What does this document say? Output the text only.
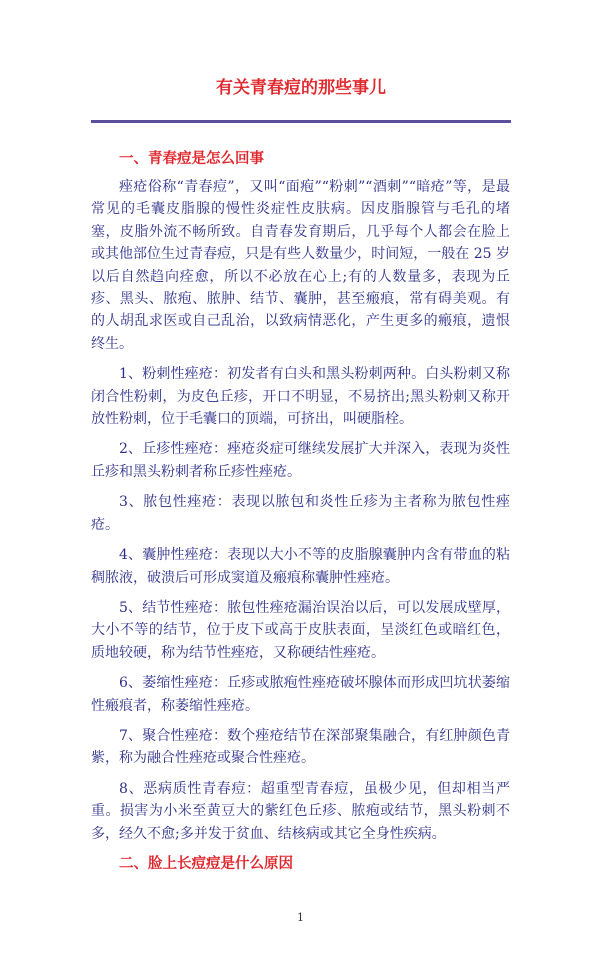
有关青春痘的那些事儿
一、青春痘是怎么回事

痤疮俗称“青春痘”，又叫“面疱”“粉刺”“酒刺”“暗疮”等，是最常见的毛囊皮脂腺的慢性炎症性皮肤病。因皮脂腺管与毛孔的堵塞，皮脂外流不畅所致。自青春发育期后，几乎每个人都会在脸上或其他部位生过青春痘，只是有些人数量少，时间短，一般在 25 岁以后自然趋向痊愈，所以不必放在心上;有的人数量多，表现为丘疹、黑头、脓疱、脓肿、结节、囊肿，甚至瘢痕，常有碍美观。有的人胡乱求医或自己乱治，以致病情恶化，产生更多的瘢痕，遗恨终生。

1、粉刺性痤疮：初发者有白头和黑头粉刺两种。白头粉刺又称闭合性粉刺，为皮色丘疹，开口不明显，不易挤出;黑头粉刺又称开放性粉刺，位于毛囊口的顶端，可挤出，叫硬脂栓。

2、丘疹性痤疮：痤疮炎症可继续发展扩大并深入，表现为炎性丘疹和黑头粉刺者称丘疹性痤疮。

3、脓包性痤疮：表现以脓包和炎性丘疹为主者称为脓包性痤疮。

4、囊肿性痤疮：表现以大小不等的皮脂腺囊肿内含有带血的粘稠脓液，破溃后可形成窦道及瘢痕称囊肿性痤疮。

5、结节性痤疮：脓包性痤疮漏治误治以后，可以发展成壁厚，大小不等的结节，位于皮下或高于皮肤表面，呈淡红色或暗红色，质地较硬，称为结节性痤疮，又称硬结性痤疮。

6、萎缩性痤疮：丘疹或脓疱性痤疮破坏腺体而形成凹坑状萎缩性瘢痕者，称萎缩性痤疮。

7、聚合性痤疮：数个痤疮结节在深部聚集融合，有红肿颜色青紫，称为融合性痤疮或聚合性痤疮。

8、恶病质性青春痘：超重型青春痘，虽极少见，但却相当严重。损害为小米至黄豆大的紫红色丘疹、脓疱或结节，黑头粉刺不多，经久不愈;多并发于贫血、结核病或其它全身性疾病。

二、脸上长痘痘是什么原因
1
